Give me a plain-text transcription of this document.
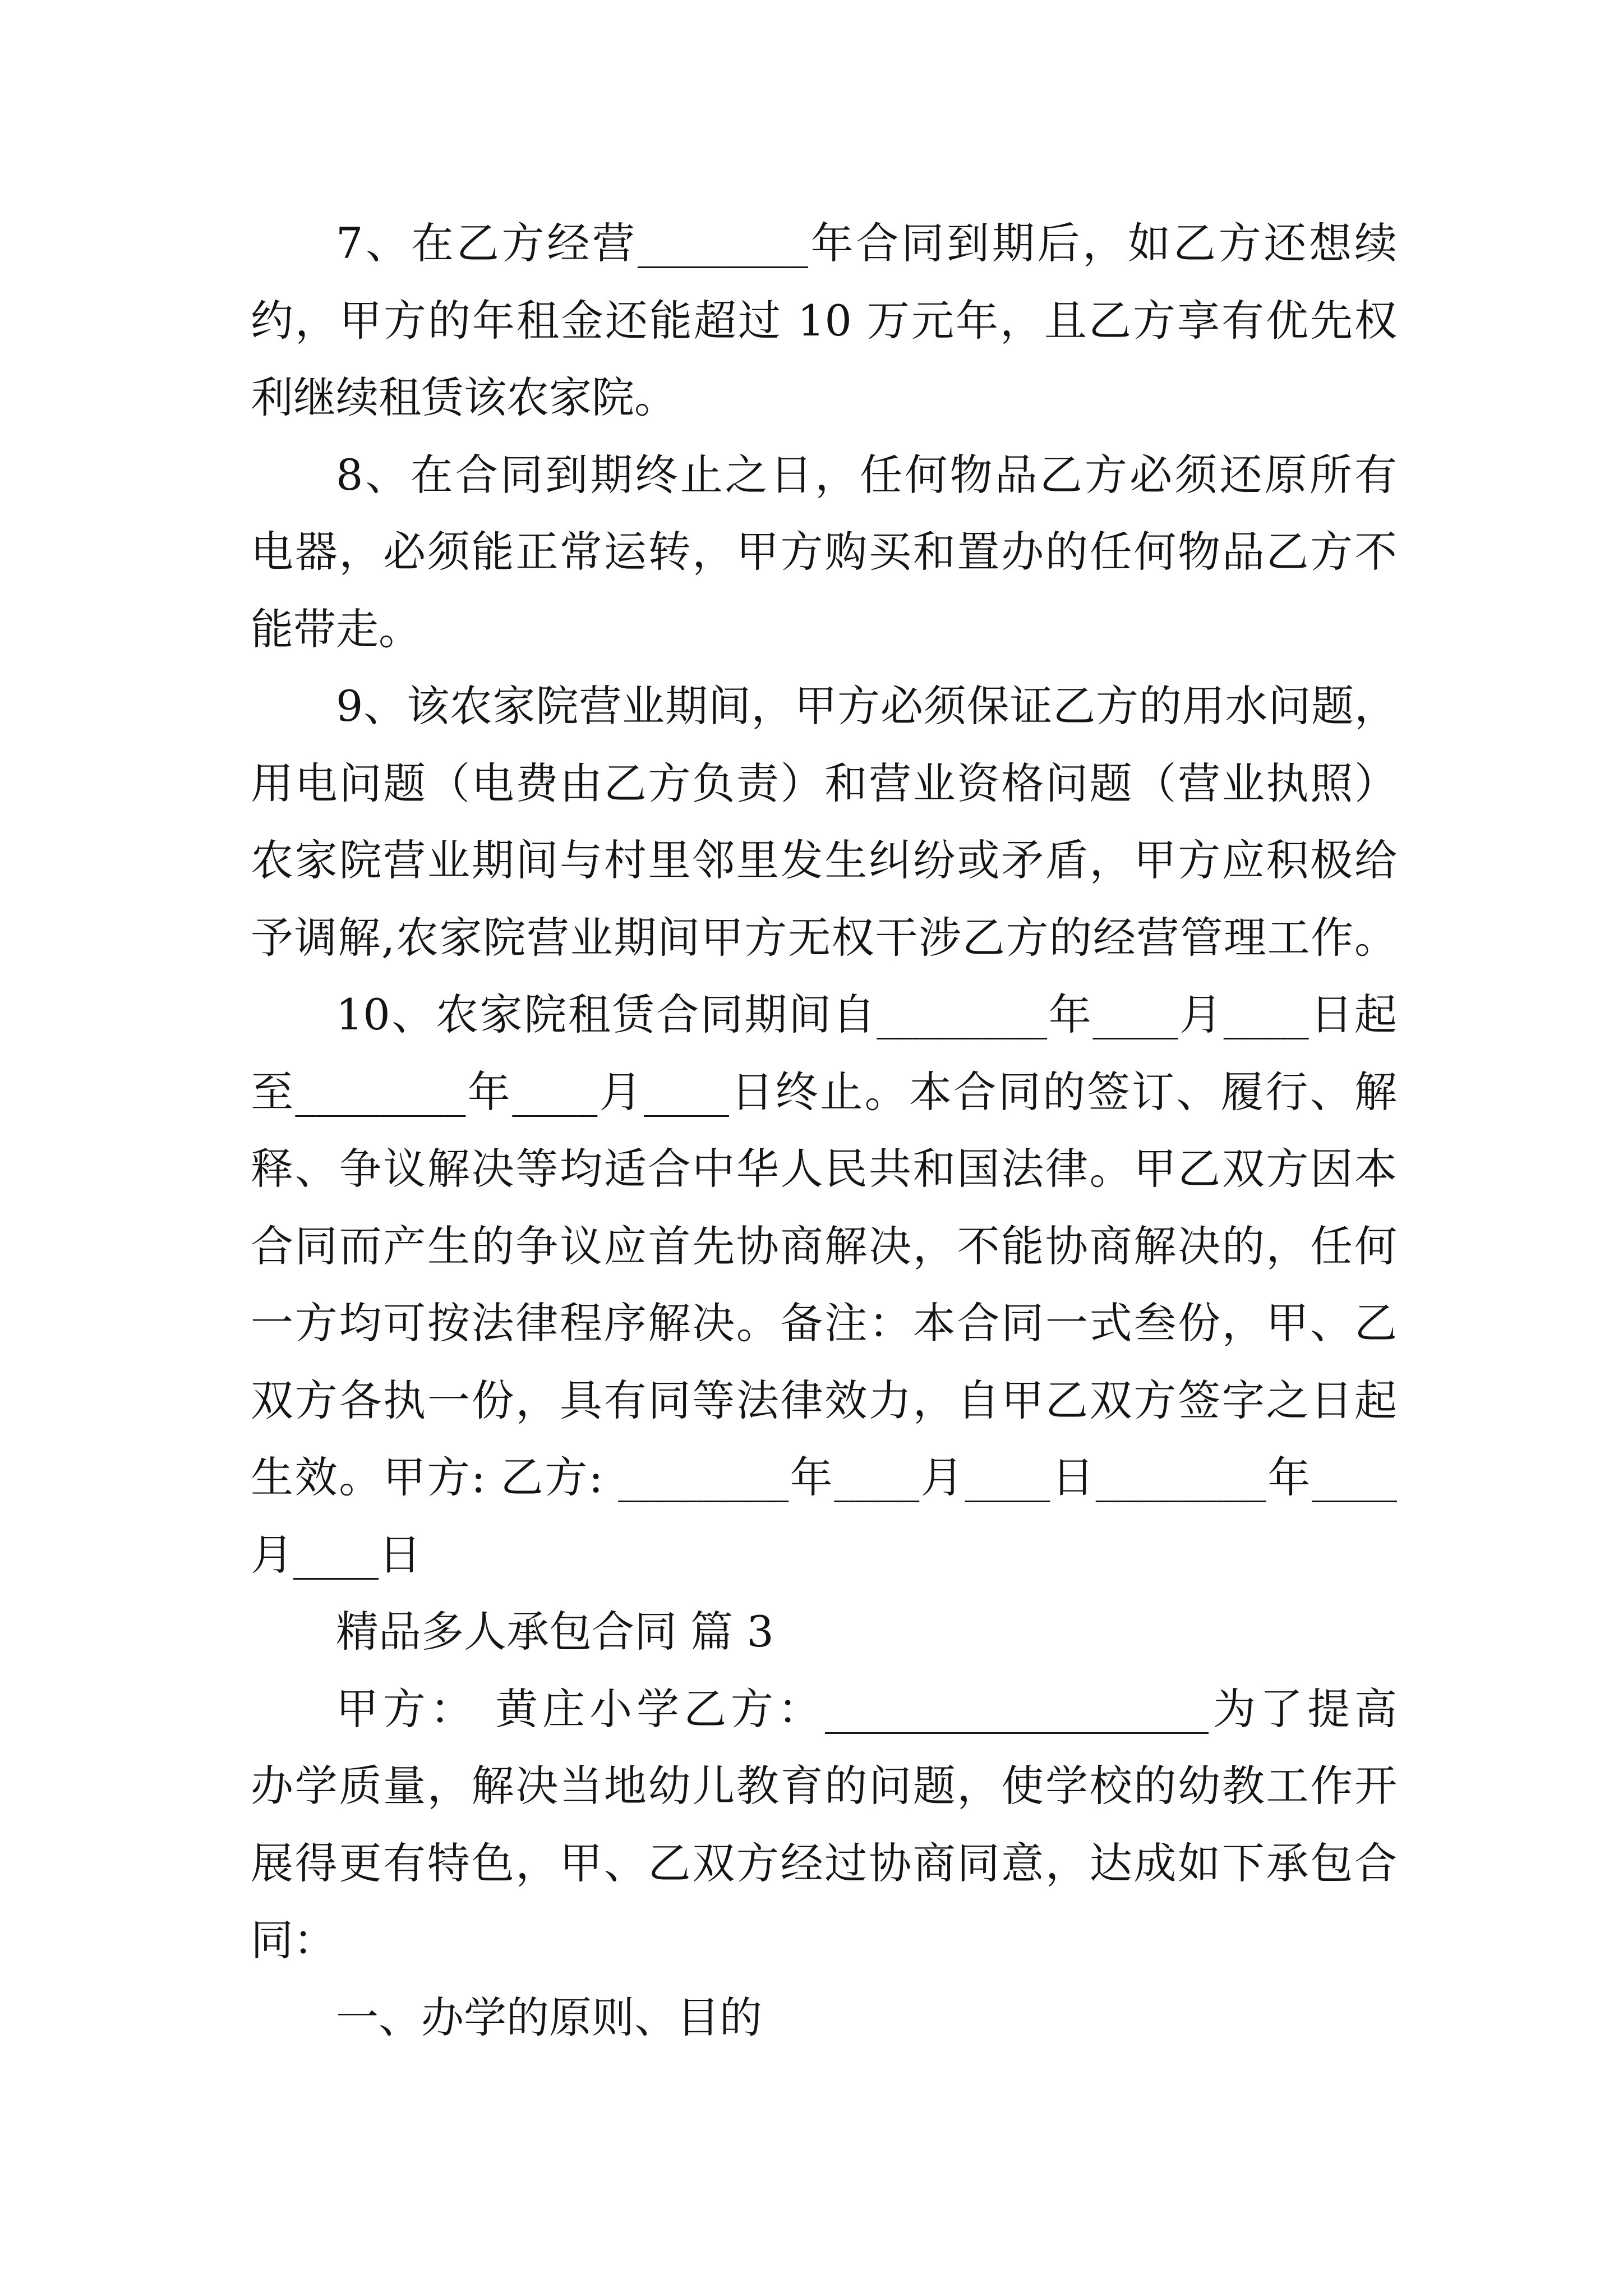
7、在乙方经营________年合同到期后，如乙方还想续
约，甲方的年租金还能超过 10 万元年，且乙方享有优先权
利继续租赁该农家院。
8、在合同到期终止之日，任何物品乙方必须还原所有
电器，必须能正常运转，甲方购买和置办的任何物品乙方不
能带走。
9、该农家院营业期间，甲方必须保证乙方的用水问题，
用电问题（电费由乙方负责）和营业资格问题（营业执照）
农家院营业期间与村里邻里发生纠纷或矛盾，甲方应积极给
予调解,农家院营业期间甲方无权干涉乙方的经营管理工作。
10、农家院租赁合同期间自________年____月____日起
至________年____月____日终止。本合同的签订、履行、解
释、争议解决等均适合中华人民共和国法律。甲乙双方因本
合同而产生的争议应首先协商解决，不能协商解决的，任何
一方均可按法律程序解决。备注：本合同一式叁份，甲、乙
双方各执一份，具有同等法律效力，自甲乙双方签字之日起
生效。甲方: 乙方: ________年____月____日________年____
月____日
精品多人承包合同 篇 3
甲方： 黄庄小学乙方：__________________为了提高
办学质量，解决当地幼儿教育的问题，使学校的幼教工作开
展得更有特色，甲、乙双方经过协商同意，达成如下承包合
同：
一、办学的原则、目的
